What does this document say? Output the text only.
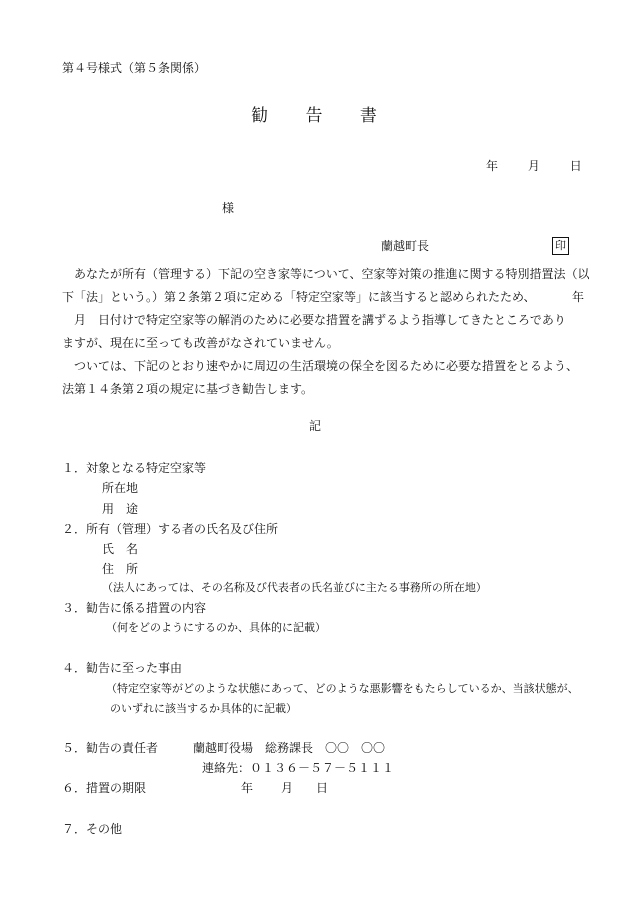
第４号様式（第５条関係）
勧 告 書
年 月 日
様
蘭越町長	印
あなたが所有（管理する）下記の空き家等について、空家等対策の推進に関する特別措置法（以
下「法」という。）第２条第２項に定める「特定空家等」に該当すると認められたため、	年
月　日付けで特定空家等の解消のために必要な措置を講ずるよう指導してきたところであり
ますが、現在に至っても改善がなされていません。
ついては、下記のとおり速やかに周辺の生活環境の保全を図るために必要な措置をとるよう、
法第１４条第２項の規定に基づき勧告します。
記
１．対象となる特定空家等
所在地
用　途
２．所有（管理）する者の氏名及び住所
氏　名
住　所
（法人にあっては、その名称及び代表者の氏名並びに主たる事務所の所在地）
３．勧告に係る措置の内容
（何をどのようにするのか、具体的に記載）
４．勧告に至った事由
（特定空家等がどのような状態にあって、どのような悪影響をもたらしているか、当該状態が、
のいずれに該当するか具体的に記載）
５．勧告の責任者	蘭越町役場　総務課長　〇〇　〇〇
連絡先：０１３６－５７－５１１１
６．措置の期限	年 月 日
７．その他
